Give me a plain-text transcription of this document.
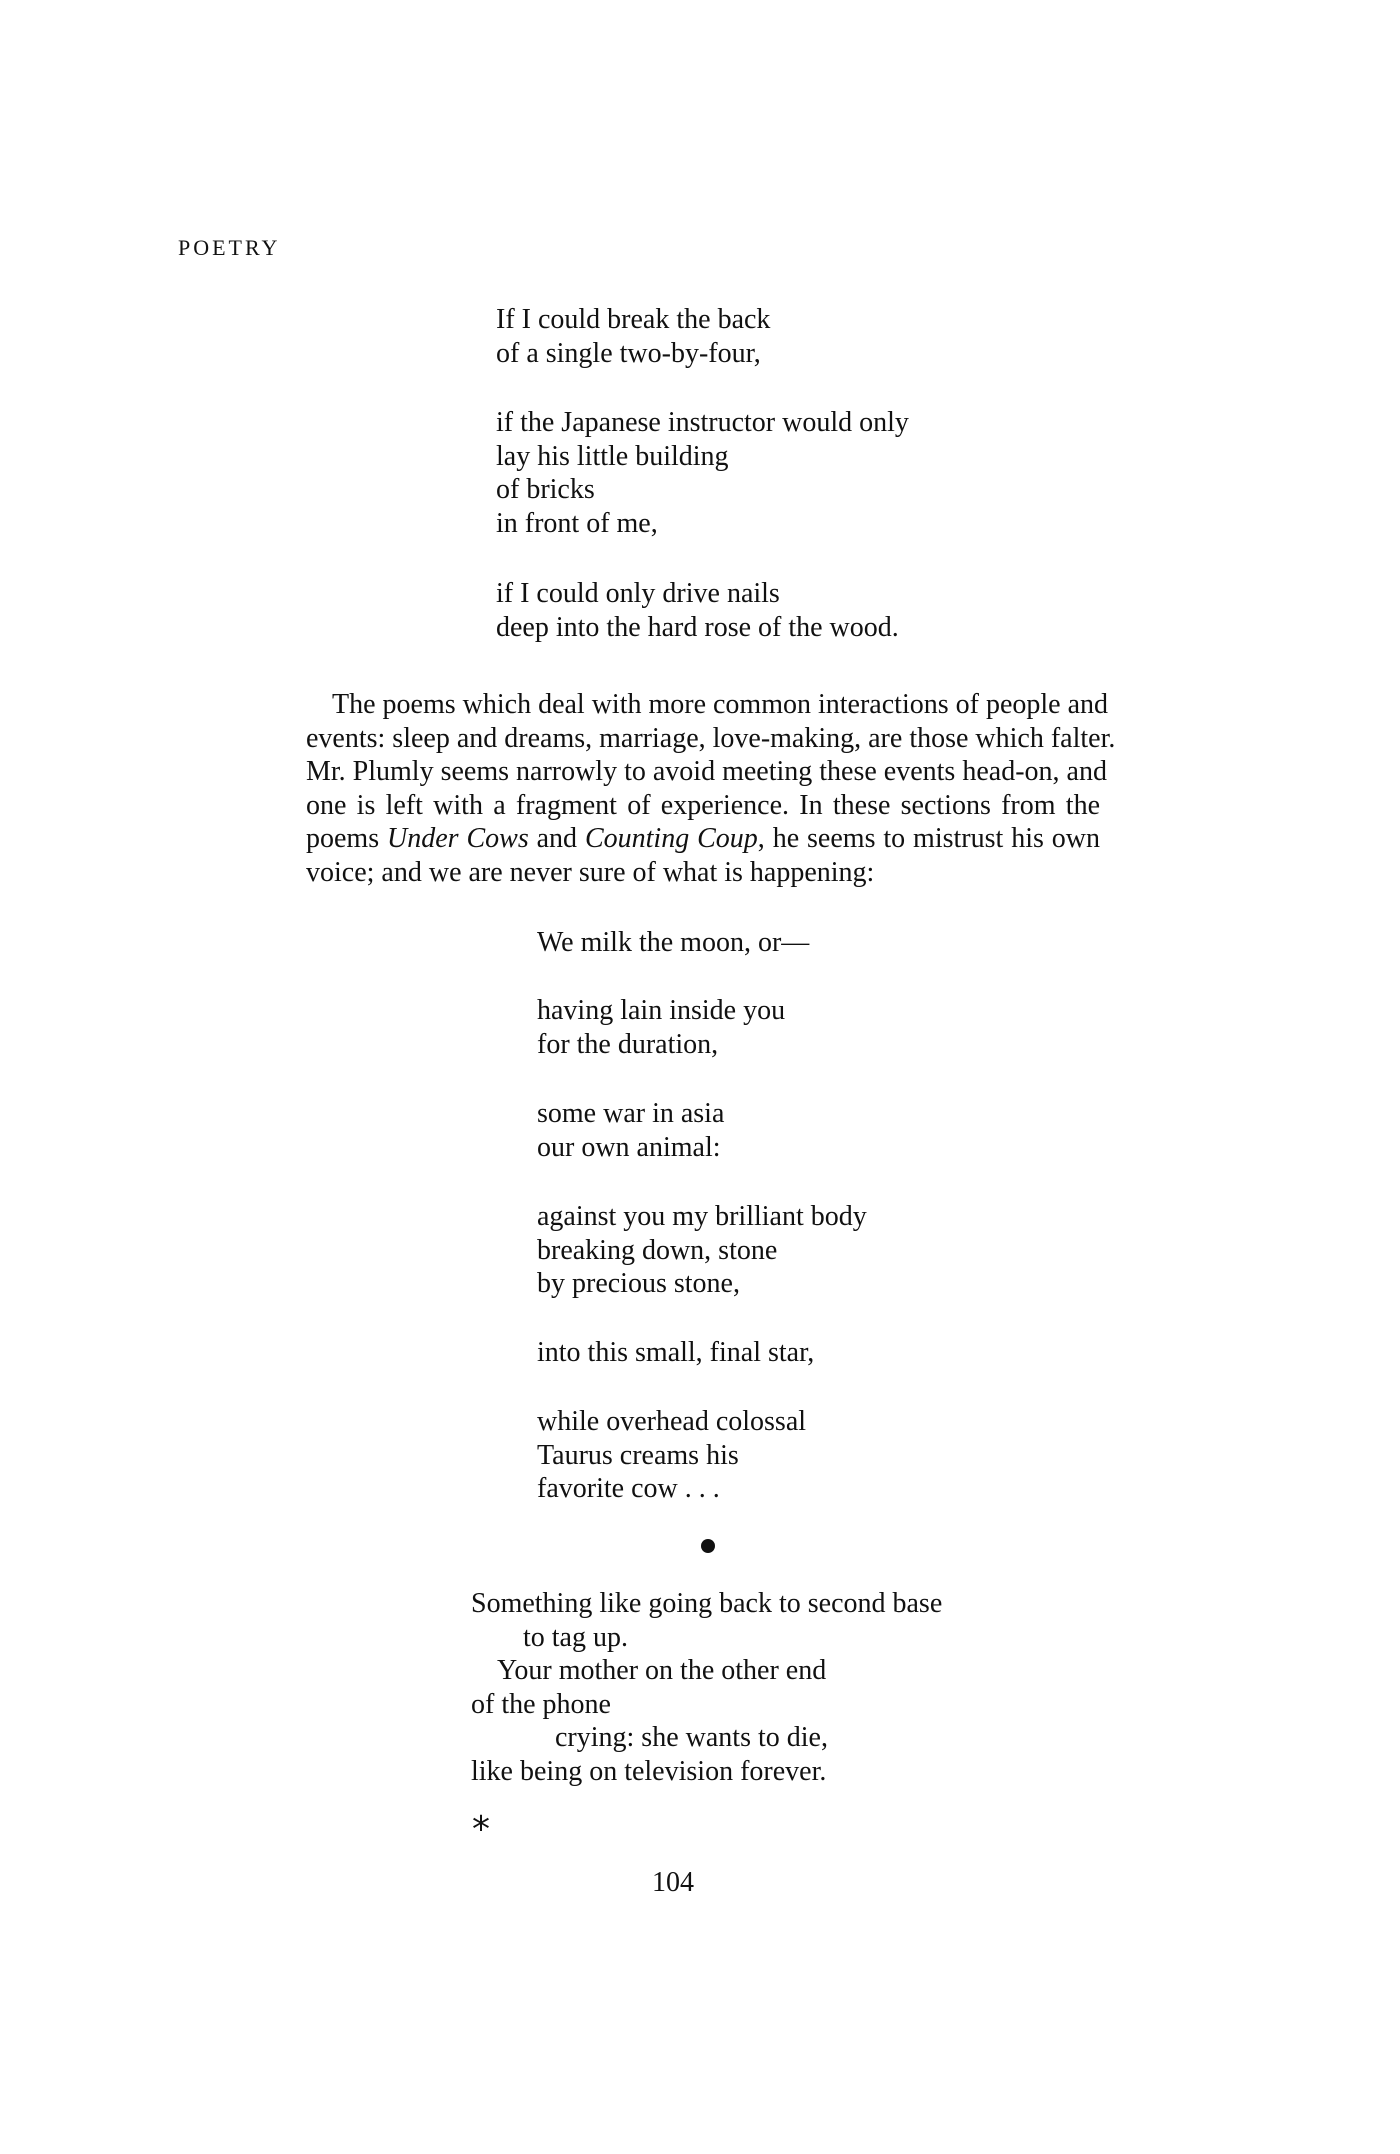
POETRY
If I could break the back
of a single two-by-four,
if the Japanese instructor would only
lay his little building
of bricks
in front of me,
if I could only drive nails
deep into the hard rose of the wood.
The poems which deal with more common interactions of people and
events: sleep and dreams, marriage, love-making, are those which falter.
Mr. Plumly seems narrowly to avoid meeting these events head-on, and
one is left with a fragment of experience. In these sections from the
poems Under Cows and Counting Coup, he seems to mistrust his own
voice; and we are never sure of what is happening:
We milk the moon, or—
having lain inside you
for the duration,
some war in asia
our own animal:
against you my brilliant body
breaking down, stone
by precious stone,
into this small, final star,
while overhead colossal
Taurus creams his
favorite cow . . .
Something like going back to second base
to tag up.
Your mother on the other end
of the phone
crying: she wants to die,
like being on television forever.
*
104
